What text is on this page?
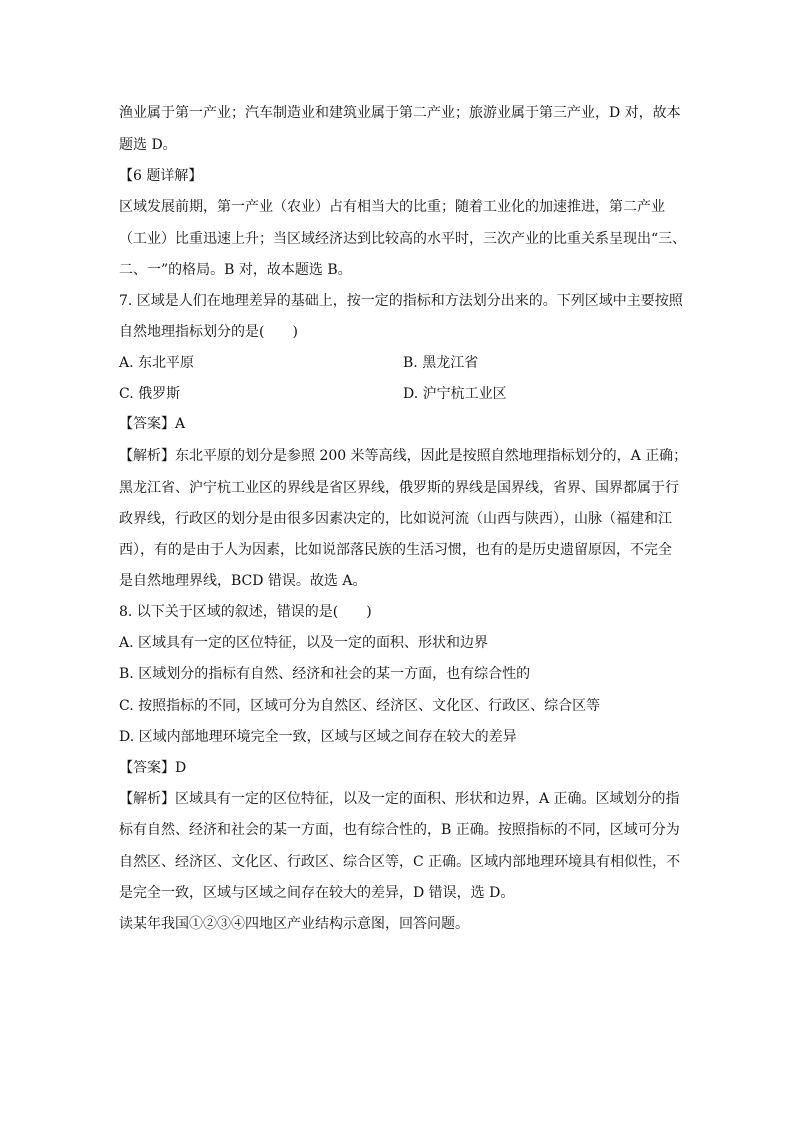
渔业属于第一产业；汽车制造业和建筑业属于第二产业；旅游业属于第三产业，D 对，故本
题选 D。
【6 题详解】
区域发展前期，第一产业（农业）占有相当大的比重；随着工业化的加速推进，第二产业
（工业）比重迅速上升；当区域经济达到比较高的水平时，三次产业的比重关系呈现出“三、
二、一”的格局。B 对，故本题选 B。
7. 区域是人们在地理差异的基础上，按一定的指标和方法划分出来的。下列区域中主要按照
自然地理指标划分的是(　　)
A. 东北平原	B. 黑龙江省
C. 俄罗斯	D. 沪宁杭工业区
【答案】A
【解析】东北平原的划分是参照 200 米等高线，因此是按照自然地理指标划分的，A 正确；
黑龙江省、沪宁杭工业区的界线是省区界线，俄罗斯的界线是国界线，省界、国界都属于行
政界线，行政区的划分是由很多因素决定的，比如说河流（山西与陕西），山脉（福建和江
西），有的是由于人为因素，比如说部落民族的生活习惯，也有的是历史遗留原因，不完全
是自然地理界线，BCD 错误。故选 A。
8. 以下关于区域的叙述，错误的是(　　)
A. 区域具有一定的区位特征，以及一定的面积、形状和边界
B. 区域划分的指标有自然、经济和社会的某一方面，也有综合性的
C. 按照指标的不同，区域可分为自然区、经济区、文化区、行政区、综合区等
D. 区域内部地理环境完全一致，区域与区域之间存在较大的差异
【答案】D
【解析】区域具有一定的区位特征，以及一定的面积、形状和边界，A 正确。区域划分的指
标有自然、经济和社会的某一方面，也有综合性的，B 正确。按照指标的不同，区域可分为
自然区、经济区、文化区、行政区、综合区等，C 正确。区域内部地理环境具有相似性，不
是完全一致，区域与区域之间存在较大的差异，D 错误，选 D。
读某年我国①②③④四地区产业结构示意图，回答问题。
